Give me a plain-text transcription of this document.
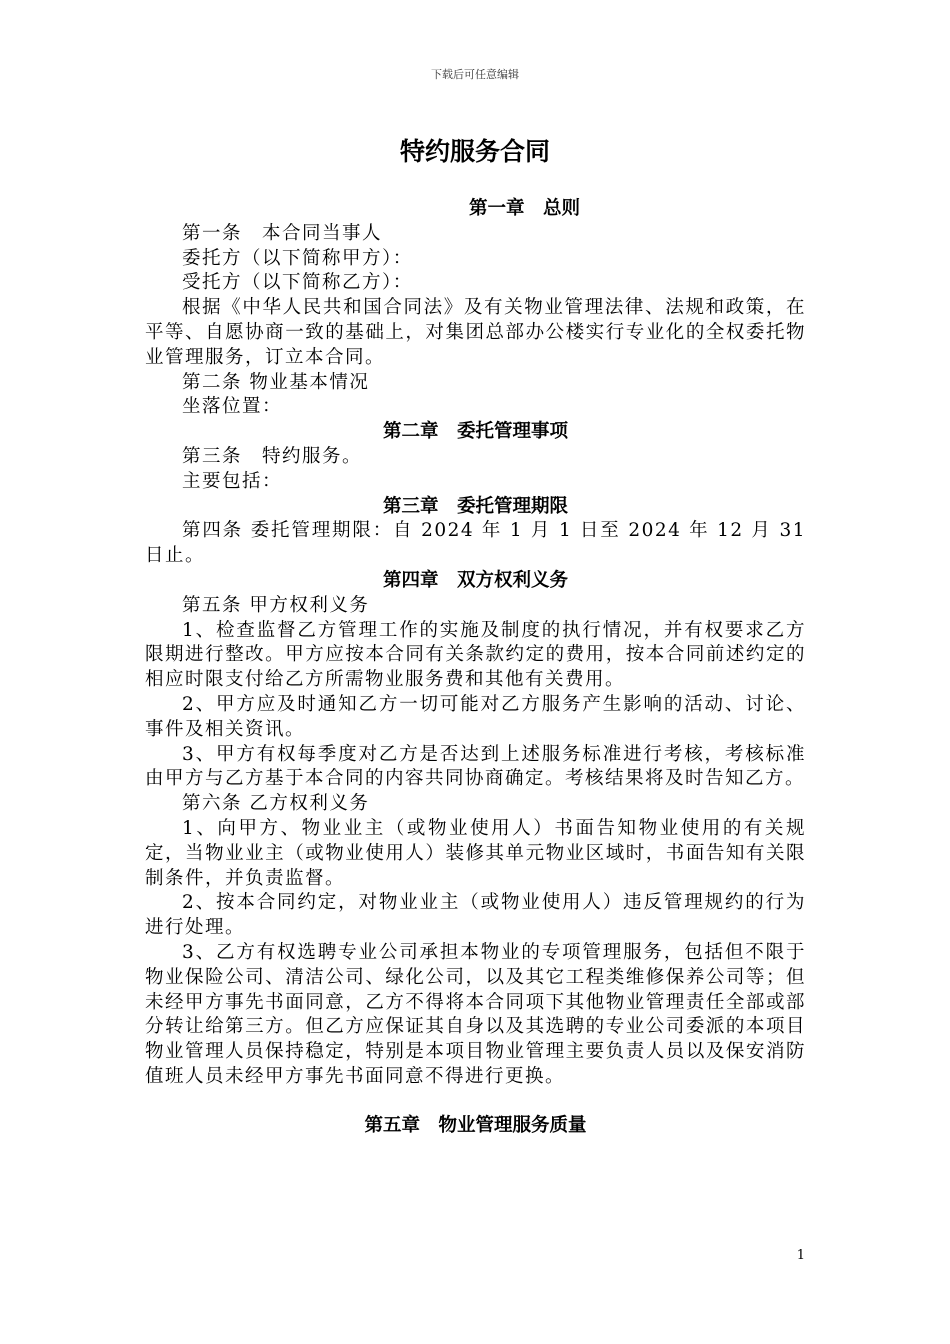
下载后可任意编辑
特约服务合同
第一章　总则
第一条　本合同当事人
委托方（以下简称甲方）：
受托方（以下简称乙方）：
根据《中华人民共和国合同法》及有关物业管理法律、法规和政策，在平等、自愿协商一致的基础上，对集团总部办公楼实行专业化的全权委托物业管理服务，订立本合同。
第二条 物业基本情况
坐落位置：
第二章　委托管理事项
第三条　特约服务。
主要包括：
第三章　委托管理期限
第四条 委托管理期限：自 2024 年 1 月 1 日至 2024 年 12 月 31 日止。
第四章　双方权利义务
第五条 甲方权利义务
1、检查监督乙方管理工作的实施及制度的执行情况，并有权要求乙方限期进行整改。甲方应按本合同有关条款约定的费用，按本合同前述约定的相应时限支付给乙方所需物业服务费和其他有关费用。
2、甲方应及时通知乙方一切可能对乙方服务产生影响的活动、讨论、事件及相关资讯。
3、甲方有权每季度对乙方是否达到上述服务标准进行考核，考核标准由甲方与乙方基于本合同的内容共同协商确定。考核结果将及时告知乙方。
第六条 乙方权利义务
1、向甲方、物业业主（或物业使用人）书面告知物业使用的有关规定，当物业业主（或物业使用人）装修其单元物业区域时，书面告知有关限制条件，并负责监督。
2、按本合同约定，对物业业主（或物业使用人）违反管理规约的行为进行处理。
3、乙方有权选聘专业公司承担本物业的专项管理服务，包括但不限于物业保险公司、清洁公司、绿化公司，以及其它工程类维修保养公司等；但未经甲方事先书面同意，乙方不得将本合同项下其他物业管理责任全部或部分转让给第三方。但乙方应保证其自身以及其选聘的专业公司委派的本项目物业管理人员保持稳定，特别是本项目物业管理主要负责人员以及保安消防值班人员未经甲方事先书面同意不得进行更换。
第五章　物业管理服务质量
1
